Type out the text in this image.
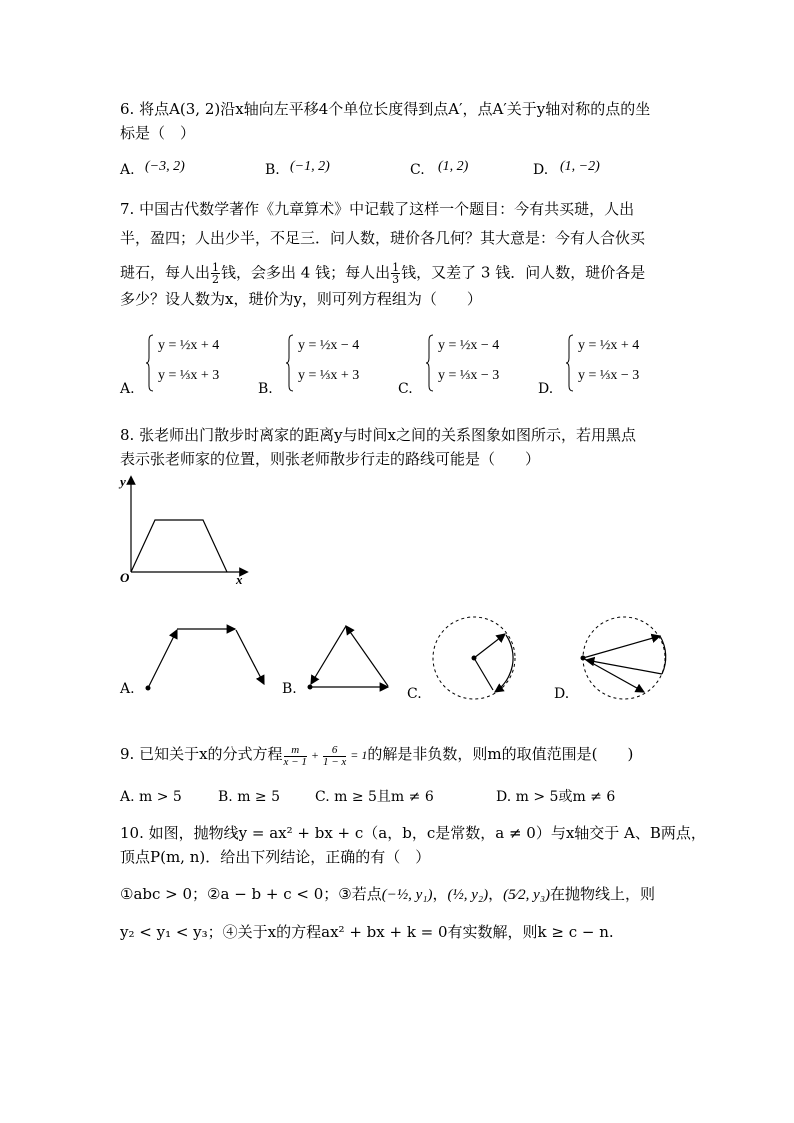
6. 将点A(3, 2)沿x轴向左平移4个单位长度得到点A′，点A′关于y轴对称的点的坐
标是（　）
A. (−3, 2)	B. (−1, 2)	C. (1, 2)	D. (1, −2)
7. 中国古代数学著作《九章算术》中记载了这样一个题目：今有共买琎，人出
半，盈四；人出少半，不足三．问人数，琎价各几何？其大意是：今有人合伙买
琎石，每人出 $\frac{1}{2}$ 钱，会多出 4 钱；每人出 $\frac{1}{3}$ 钱，又差了 3 钱．问人数，琎价各是
多少？设人数为x，琎价为y，则可列方程组为（　　）
A.
y = ½x + 4
y = ⅓x + 3
B.
y = ½x − 4
y = ⅓x + 3
C.
y = ½x − 4
y = ⅓x − 3
D.
y = ½x + 4
y = ⅓x − 3
8. 张老师出门散步时离家的距离y与时间x之间的关系图象如图所示，若用黑点
表示张老师家的位置，则张老师散步行走的路线可能是（　　）
y
x
O
A.	B.	C.	D.
9. 已知关于x的分式方程 $\frac{m}{x - 1} + \frac{6}{1 - x} = 1$的解是非负数，则m的取值范围是(　　)
A. m > 5	B. m ≥ 5 C. m ≥ 5且m ≠ 6	D. m > 5或m ≠ 6
10. 如图，抛物线y = ax² + bx + c（a，b，c是常数，a ≠ 0）与x轴交于 A、B两点，
顶点P(m, n)．给出下列结论，正确的有（　）
①abc > 0；②a − b + c < 0；③若点(−½, y₁)，(½, y₂)，(5⁄2, y₃)在抛物线上，则
y₂ < y₁ < y₃；④关于x的方程ax² + bx + k = 0有实数解，则k ≥ c − n.
